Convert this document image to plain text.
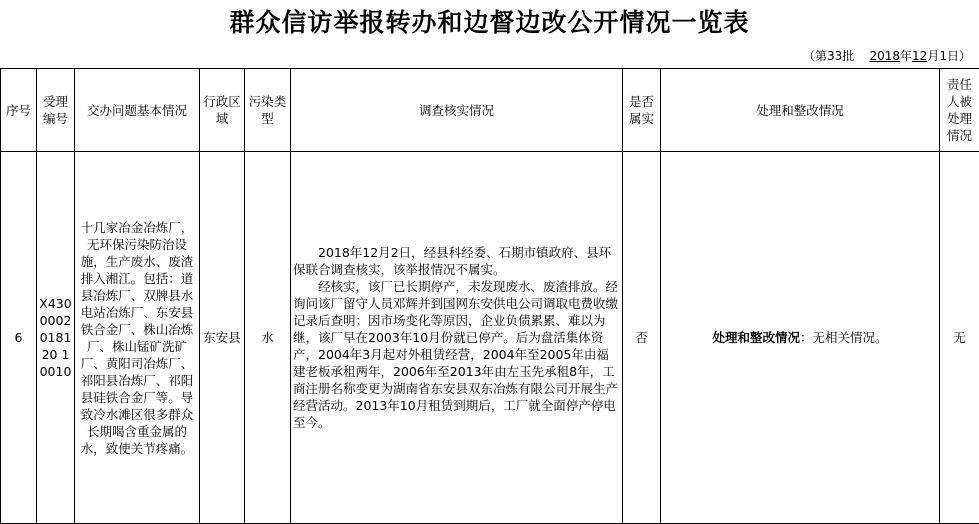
群众信访举报转办和边督边改公开情况一览表
（第33批 2018年12月1日）
序号	受理编号	交办问题基本情况	行政区域	污染类型	调查核实情况	是否属实	处理和整改情况	责任人被处理情况
6	X4300002018120 10010	十几家冶金冶炼厂，无环保污染防治设施，生产废水、废渣排入湘江。包括：道县冶炼厂、双牌县水电站冶炼厂、东安县铁合金厂、株山冶炼厂、株山锰矿洗矿厂、黄阳司冶炼厂、祁阳县冶炼厂、祁阳县硅铁合金厂等。导致冷水滩区很多群众长期喝含重金属的水，致使关节疼痛。	东安县	水	2018年12月2日，经县科经委、石期市镇政府、县环保联合调查核实，该举报情况不属实。

经核实，该厂已长期停产，未发现废水、废渣排放。经询问该厂留守人员邓辉并到国网东安供电公司调取电费收缴记录后查明：因市场变化等原因，企业负债累累、难以为继，该厂早在2003年10月份就已停产。后为盘活集体资产，2004年3月起对外租赁经营，2004年至2005年由福建老板承租两年，2006年至2013年由左玉先承租8年，工商注册名称变更为湖南省东安县双东冶炼有限公司开展生产经营活动。2013年10月租赁到期后，工厂就全面停产停电至今。	否	处理和整改情况：无相关情况。	无
